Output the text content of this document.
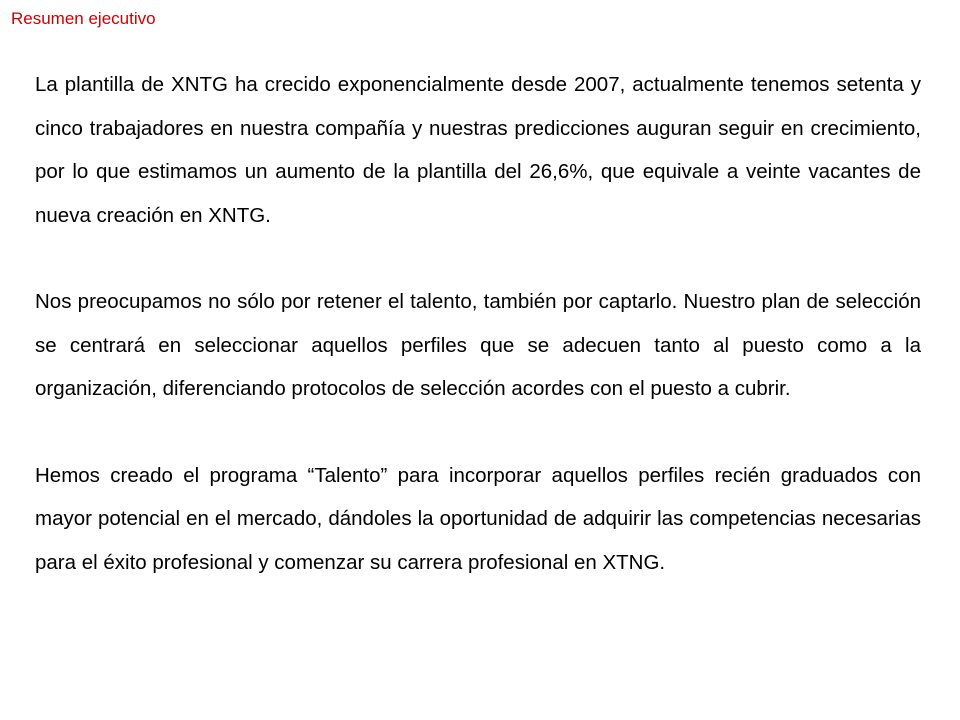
Resumen ejecutivo

La plantilla de XNTG ha crecido exponencialmente desde 2007, actualmente tenemos setenta y cinco trabajadores en nuestra compañía y nuestras predicciones auguran seguir en crecimiento, por lo que estimamos un aumento de la plantilla del 26,6%, que equivale a veinte vacantes de nueva creación en XNTG.

Nos preocupamos no sólo por retener el talento, también por captarlo. Nuestro plan de selección se centrará en seleccionar aquellos perfiles que se adecuen tanto al puesto como a la organización, diferenciando protocolos de selección acordes con el puesto a cubrir.

Hemos creado el programa “Talento” para incorporar aquellos perfiles recién graduados con mayor potencial en el mercado, dándoles la oportunidad de adquirir las competencias necesarias para el éxito profesional y comenzar su carrera profesional en XTNG.
